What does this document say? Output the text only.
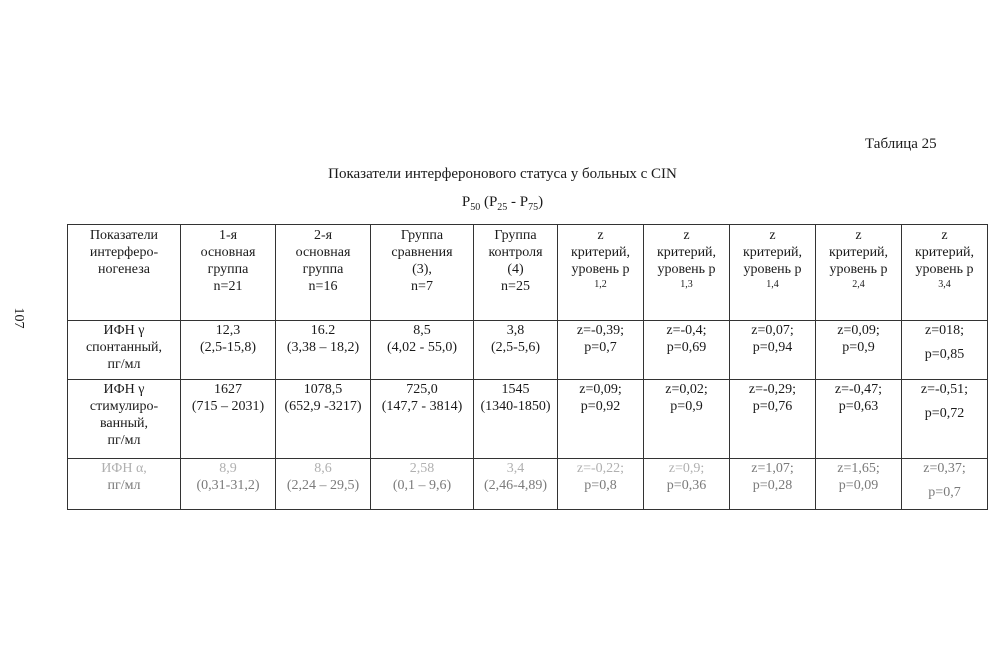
107
Таблица 25
Показатели интерферонового статуса у больных с CIN
$P_{50}$ $(P_{25} - P_{75})$
Показатели
интерферо-
ногенеза	1-я
основная
группа
n=21	2-я
основная
группа
n=16	Группа
сравнения
(3),
n=7	Группа
контроля
(4)
n=25	z
критерий,
уровень р
1,2	z
критерий,
уровень р
1,3	z
критерий,
уровень р
1,4	z
критерий,
уровень р
2,4	z
критерий,
уровень р
3,4

ИФН γ
спонтанный,
пг/мл	12,3
(2,5-15,8)	16.2
(3,38 – 18,2)	8,5
(4,02 - 55,0)	3,8
(2,5-5,6)	z=-0,39;
p=0,7	z=-0,4;
p=0,69	z=0,07;
p=0,94	z=0,09;
p=0,9	z=018;
p=0,85
ИФН γ
стимулиро-
ванный,
пг/мл	1627
(715 – 2031)	1078,5
(652,9 -3217)	725,0
(147,7 - 3814)	1545
(1340-1850)	z=0,09;
p=0,92	z=0,02;
p=0,9	z=-0,29;
p=0,76	z=-0,47;
p=0,63	z=-0,51;
p=0,72
ИФН α,
пг/мл	8,9
(0,31-31,2)	8,6
(2,24 – 29,5)	2,58
(0,1 – 9,6)	3,4
(2,46-4,89)	z=-0,22;
p=0,8	z=0,9;
p=0,36	z=1,07;
p=0,28	z=1,65;
p=0,09	z=0,37;
p=0,7
